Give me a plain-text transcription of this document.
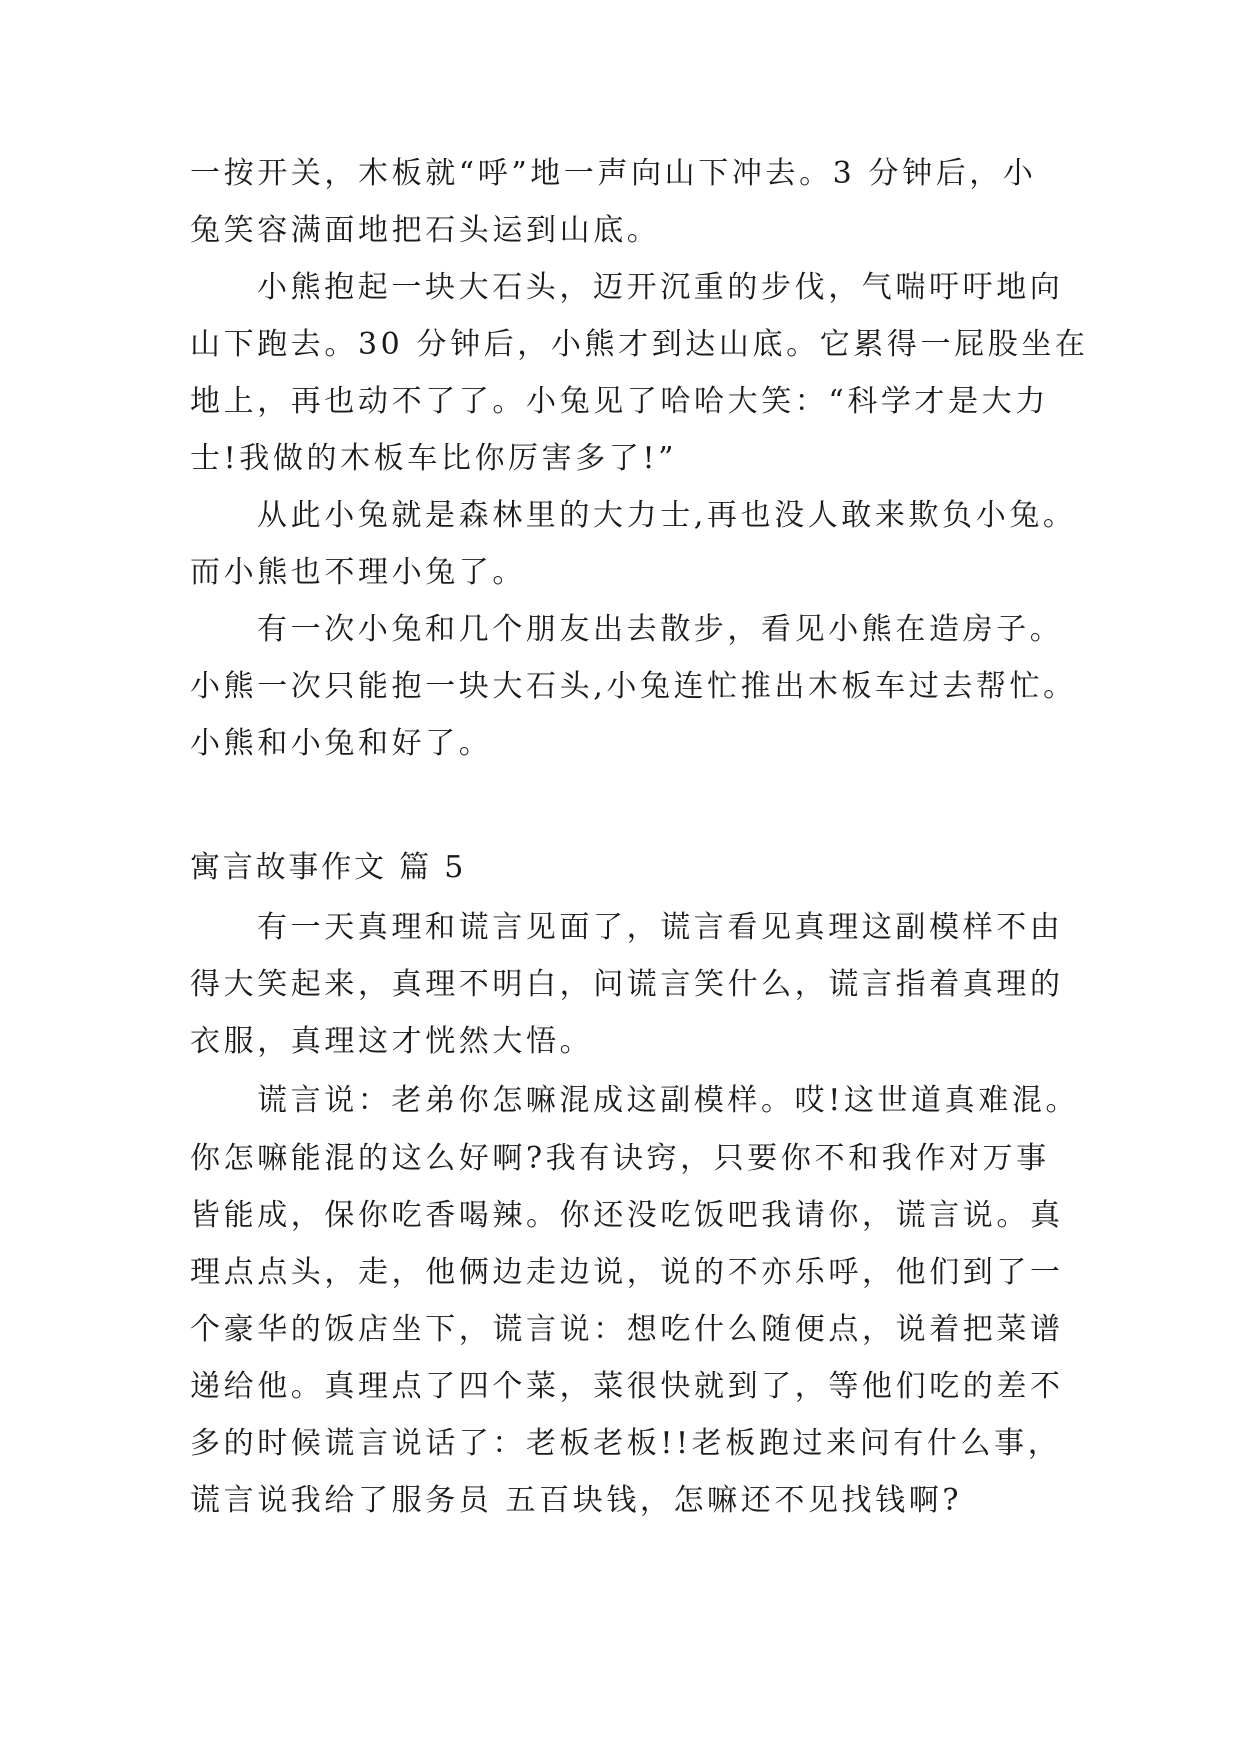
一按开关，木板就“呼”地一声向山下冲去。3 分钟后，小
兔笑容满面地把石头运到山底。
小熊抱起一块大石头，迈开沉重的步伐，气喘吁吁地向
山下跑去。30 分钟后，小熊才到达山底。它累得一屁股坐在
地上，再也动不了了。小兔见了哈哈大笑：“科学才是大力
士!我做的木板车比你厉害多了!”
从此小兔就是森林里的大力士,再也没人敢来欺负小兔。
而小熊也不理小兔了。
有一次小兔和几个朋友出去散步，看见小熊在造房子。
小熊一次只能抱一块大石头,小兔连忙推出木板车过去帮忙。
小熊和小兔和好了。
寓言故事作文 篇 5
有一天真理和谎言见面了，谎言看见真理这副模样不由
得大笑起来，真理不明白，问谎言笑什么，谎言指着真理的
衣服，真理这才恍然大悟。
谎言说：老弟你怎嘛混成这副模样。哎!这世道真难混。
你怎嘛能混的这么好啊?我有诀窍，只要你不和我作对万事
皆能成，保你吃香喝辣。你还没吃饭吧我请你，谎言说。真
理点点头，走，他俩边走边说，说的不亦乐呼，他们到了一
个豪华的饭店坐下，谎言说：想吃什么随便点，说着把菜谱
递给他。真理点了四个菜，菜很快就到了，等他们吃的差不
多的时候谎言说话了：老板老板!!老板跑过来问有什么事，
谎言说我给了服务员 五百块钱，怎嘛还不见找钱啊?
